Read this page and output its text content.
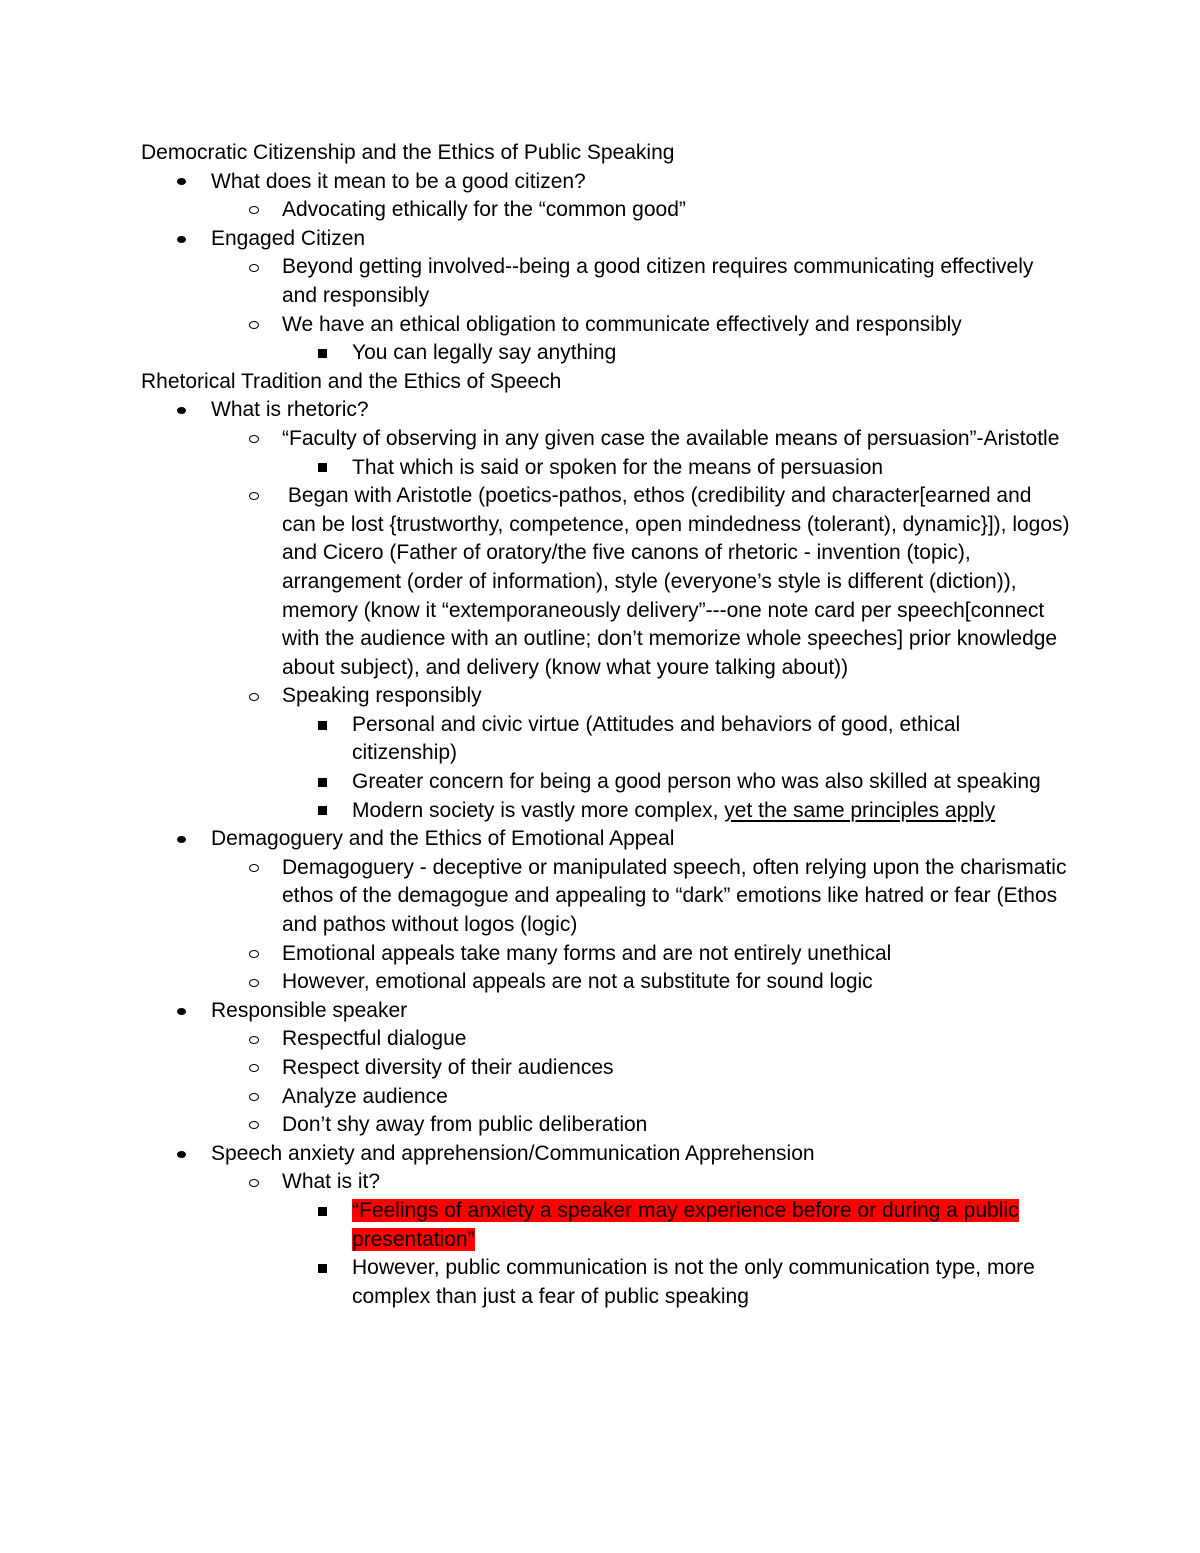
Democratic Citizenship and the Ethics of Public Speaking

What does it mean to be a good citizen?
Advocating ethically for the “common good”
Engaged Citizen
Beyond getting involved--being a good citizen requires communicating effectively and responsibly
We have an ethical obligation to communicate effectively and responsibly
You can legally say anything

Rhetorical Tradition and the Ethics of Speech

What is rhetoric?
“Faculty of observing in any given case the available means of persuasion”-Aristotle
That which is said or spoken for the means of persuasion
Began with Aristotle (poetics-pathos, ethos (credibility and character[earned and can be lost {trustworthy, competence, open mindedness (tolerant), dynamic}]), logos) and Cicero (Father of oratory/the five canons of rhetoric - invention (topic), arrangement (order of information), style (everyone’s style is different (diction)), memory (know it “extemporaneously delivery”---one note card per speech[connect with the audience with an outline; don’t memorize whole speeches] prior knowledge about subject), and delivery (know what youre talking about))
Speaking responsibly
Personal and civic virtue (Attitudes and behaviors of good, ethical citizenship)
Greater concern for being a good person who was also skilled at speaking
Modern society is vastly more complex, yet the same principles apply
Demagoguery and the Ethics of Emotional Appeal
Demagoguery - deceptive or manipulated speech, often relying upon the charismatic ethos of the demagogue and appealing to “dark” emotions like hatred or fear (Ethos and pathos without logos (logic)
Emotional appeals take many forms and are not entirely unethical
However, emotional appeals are not a substitute for sound logic
Responsible speaker
Respectful dialogue
Respect diversity of their audiences
Analyze audience
Don’t shy away from public deliberation
Speech anxiety and apprehension/Communication Apprehension
What is it?
“Feelings of anxiety a speaker may experience before or during a public
presentation”
However, public communication is not the only communication type, more complex than just a fear of public speaking
